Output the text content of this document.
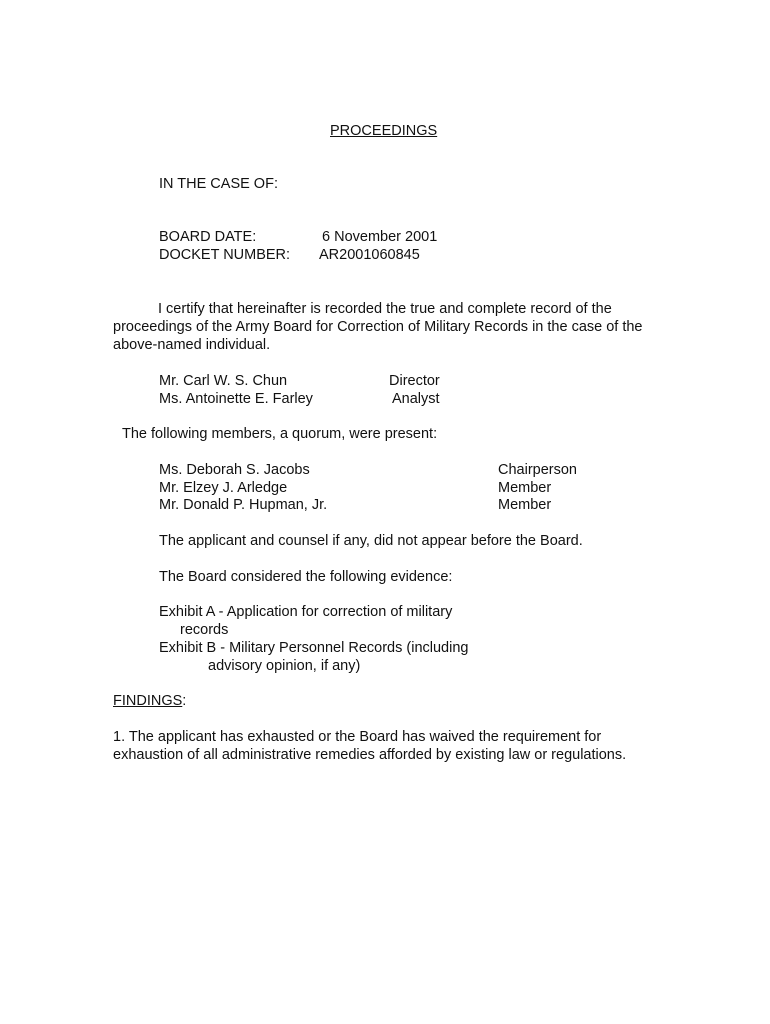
PROCEEDINGS
IN THE CASE OF:
BOARD DATE:	6 November 2001
DOCKET NUMBER: AR2001060845
I certify that hereinafter is recorded the true and complete record of the proceedings of the Army Board for Correction of Military Records in the case of the above-named individual.
Mr. Carl W. S. Chun	Director
Ms. Antoinette E. Farley	Analyst
The following members, a quorum, were present:
Ms. Deborah S. Jacobs	Chairperson
Mr. Elzey J. Arledge	Member
Mr. Donald P. Hupman, Jr.	Member
The applicant and counsel if any, did not appear before the Board.
The Board considered the following evidence:
Exhibit A - Application for correction of military
records
Exhibit B - Military Personnel Records (including
advisory opinion, if any)
FINDINGS:
1. The applicant has exhausted or the Board has waived the requirement for exhaustion of all administrative remedies afforded by existing law or regulations.
